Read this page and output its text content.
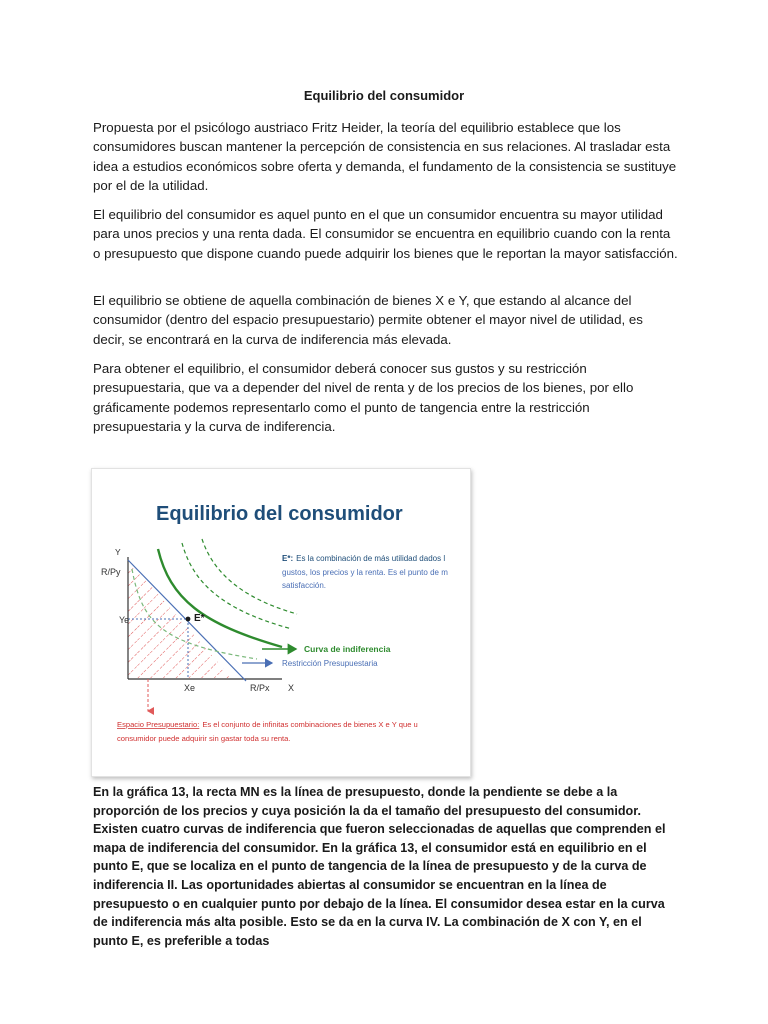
Equilibrio del consumidor

Propuesta por el psicólogo austriaco Fritz Heider, la teoría del equilibrio establece que los consumidores buscan mantener la percepción de consistencia en sus relaciones. Al trasladar esta idea a estudios económicos sobre oferta y demanda, el fundamento de la consistencia se sustituye por el de la utilidad.

El equilibrio del consumidor es aquel punto en el que un consumidor encuentra su mayor utilidad para unos precios y una renta dada. El consumidor se encuentra en equilibrio cuando con la renta o presupuesto que dispone cuando puede adquirir los bienes que le reportan la mayor satisfacción.

El equilibrio se obtiene de aquella combinación de bienes X e Y, que estando al alcance del consumidor (dentro del espacio presupuestario) permite obtener el mayor nivel de utilidad, es decir, se encontrará en la curva de indiferencia más elevada.

Para obtener el equilibrio, el consumidor deberá conocer sus gustos y su restricción presupuestaria, que va a depender del nivel de renta y de los precios de los bienes, por ello gráficamente podemos representarlo como el punto de tangencia entre la restricción presupuestaria y la curva de indiferencia.

Equilibrio del consumidor
Y
R/Py
Ye
Xe	R/Px X
E*
E*: Es la combinación de más utilidad dados l
gustos, los precios y la renta. Es el punto de m
satisfacción.
Curva de indiferencia
Restricción Presupuestaria
Espacio Presupuestario: Es el conjunto de infinitas combinaciones de bienes X e Y que u
consumidor puede adquirir sin gastar toda su renta.

En la gráfica 13, la recta MN es la línea de presupuesto, donde la pendiente se debe a la proporción de los precios y cuya posición la da el tamaño del presupuesto del consumidor. Existen cuatro curvas de indiferencia que fueron seleccionadas de aquellas que comprenden el mapa de indiferencia del consumidor. En la gráfica 13, el consumidor está en equilibrio en el punto E, que se localiza en el punto de tangencia de la línea de presupuesto y de la curva de indiferencia II. Las oportunidades abiertas al consumidor se encuentran en la línea de presupuesto o en cualquier punto por debajo de la línea. El consumidor desea estar en la curva de indiferencia más alta posible. Esto se da en la curva IV. La combinación de X con Y, en el punto E, es preferible a todas
